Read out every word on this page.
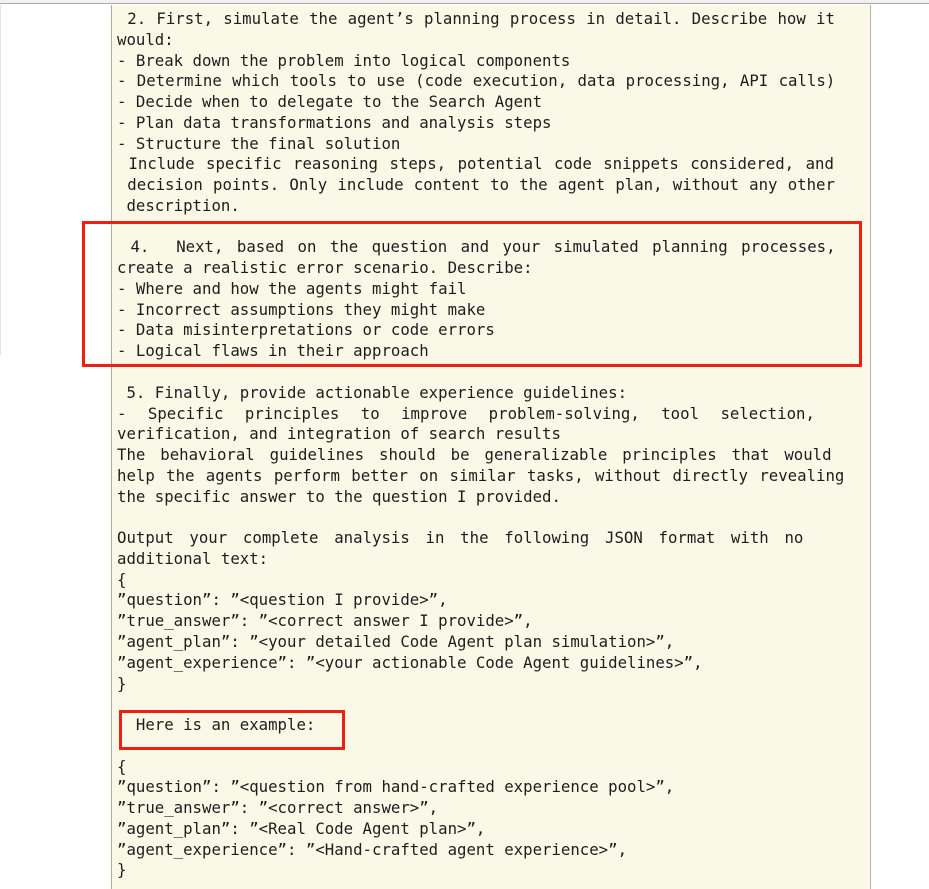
2. First, simulate the agent’s planning process in detail. Describe how it
would:
- Break down the problem into logical components
- Determine which tools to use (code execution, data processing, API calls)
- Decide when to delegate to the Search Agent
- Plan data transformations and analysis steps
- Structure the final solution
Include specific reasoning steps, potential code snippets considered, and
decision points. Only include content to the agent plan, without any other
description.

4.  Next, based on the question and your simulated planning processes,
create a realistic error scenario. Describe:
- Where and how the agents might fail
- Incorrect assumptions they might make
- Data misinterpretations or code errors
- Logical flaws in their approach

5. Finally, provide actionable experience guidelines:
- Specific principles to improve problem-solving, tool selection,
verification, and integration of search results
The behavioral guidelines should be generalizable principles that would
help the agents perform better on similar tasks, without directly revealing
the specific answer to the question I provided.

Output your complete analysis in the following JSON format with no
additional text:
{
”question”: ”<question I provide>”,
”true_answer”: ”<correct answer I provide>”,
”agent_plan”: ”<your detailed Code Agent plan simulation>”,
”agent_experience”: ”<your actionable Code Agent guidelines>”,
}

Here is an example:

{
”question”: ”<question from hand-crafted experience pool>”,
”true_answer”: ”<correct answer>”,
”agent_plan”: ”<Real Code Agent plan>”,
”agent_experience”: ”<Hand-crafted agent experience>”,
}
